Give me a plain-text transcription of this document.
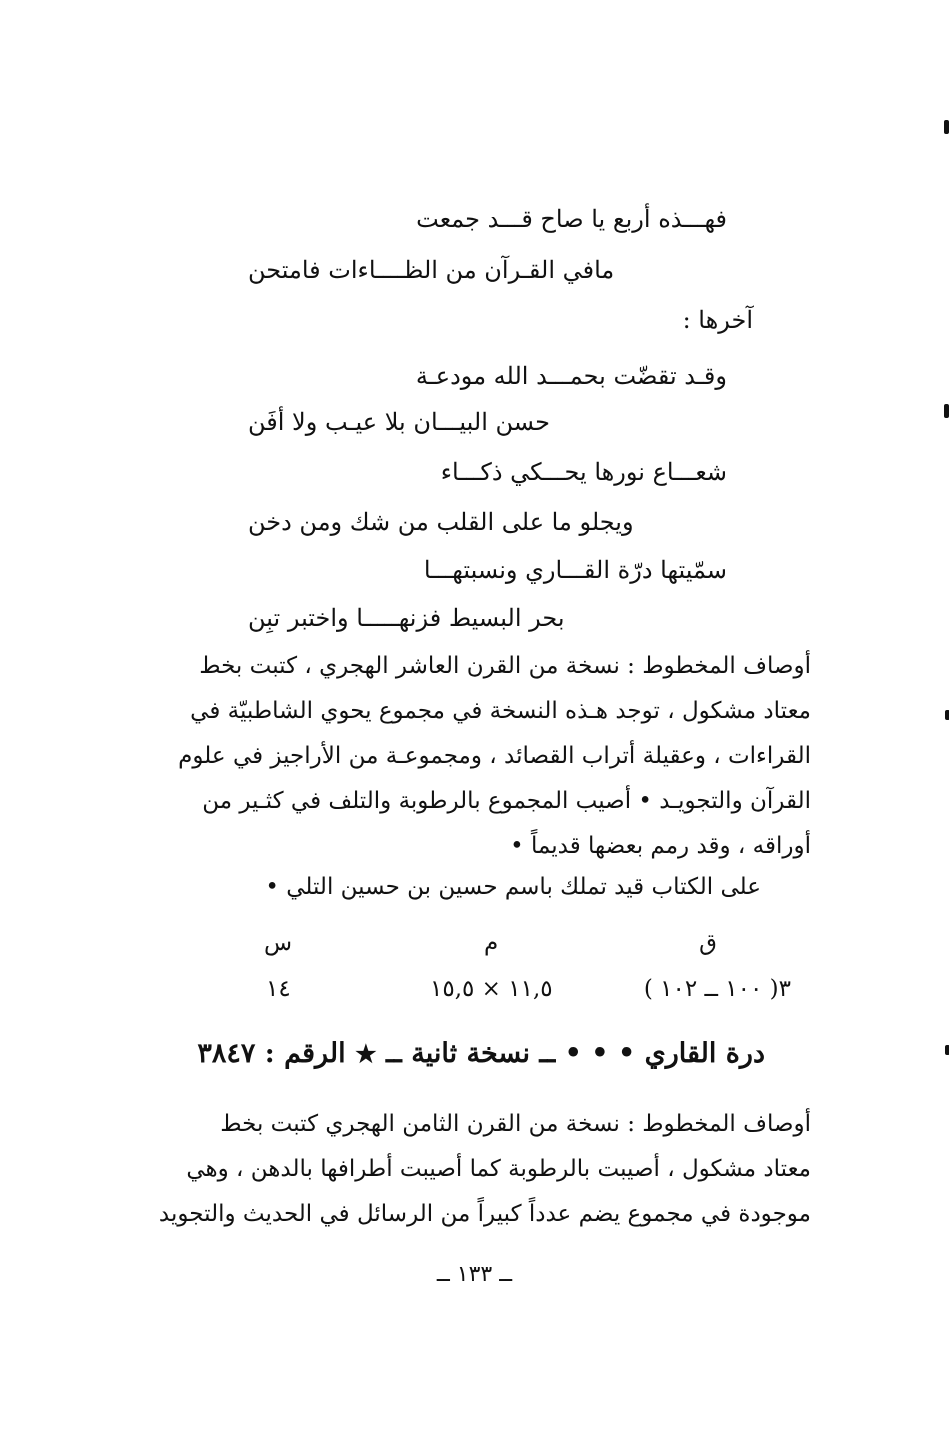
فهـــذه أربع يا صاح قـــد جمعت
مافي القـرآن من الظــــاءات فامتحن
آخرها :
وقـد تقضّت بحمـــد الله مودعـة
حسن البيـــان بلا عيـب ولا أفَن
شعـــاع نورها يحـــكي ذكـــاء
ويجلو ما على القلب من شك ومن دخن
سمّيتها درّة القـــاري ونسبتهـــا
بحر البسيط فزنهـــــا واختبر تبِن
أوصاف المخطوط : نسخة من القرن العاشر الهجري ، كتبت بخط
معتاد مشكول ، توجد هـذه النسخة في مجموع يحوي الشاطبيّة في
القراءات ، وعقيلة أتراب القصائد ، ومجموعـة من الأراجيز في علوم
القرآن والتجويـد • أصيب المجموع بالرطوبة والتلف في كثـير من
أوراقه ، وقد رمم بعضها قديماً •
على الكتاب قيد تملك باسم حسين بن حسين التلي •
ق
م
س
٣( ١٠٠ ــ ١٠٢ )
١١,٥ × ١٥,٥
١٤
درة القاري • • • ــ نسخة ثانية ــ ★ الرقم : ٣٨٤٧
أوصاف المخطوط : نسخة من القرن الثامن الهجري كتبت بخط
معتاد مشكول ، أصيبت بالرطوبة كما أصيبت أطرافها بالدهن ، وهي
موجودة في مجموع يضم عدداً كبيراً من الرسائل في الحديث والتجويد
ــ ١٣٣ ــ
